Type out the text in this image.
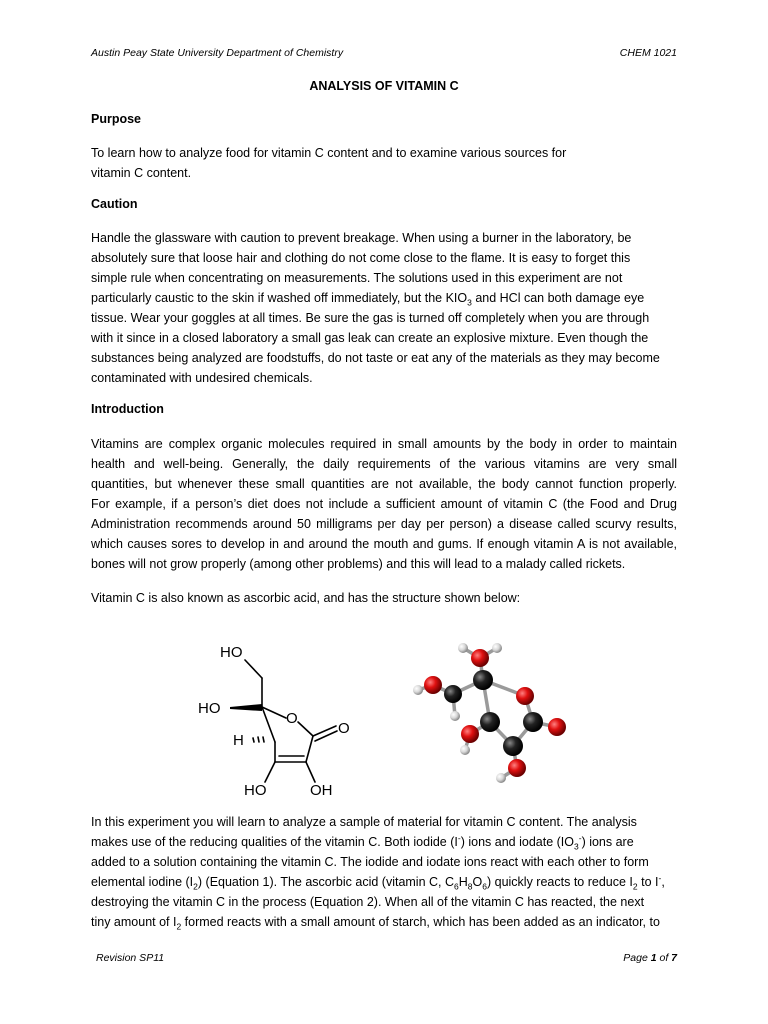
Austin Peay State University Department of Chemistry	CHEM 1021
ANALYSIS OF VITAMIN C
Purpose
To learn how to analyze food for vitamin C content and to examine various sources for
vitamin C content.
Caution
Handle the glassware with caution to prevent breakage. When using a burner in the laboratory, be
absolutely sure that loose hair and clothing do not come close to the flame. It is easy to forget this
simple rule when concentrating on measurements. The solutions used in this experiment are not
particularly caustic to the skin if washed off immediately, but the $KIO_3$ and HCl can both damage eye
tissue. Wear your goggles at all times. Be sure the gas is turned off completely when you are through
with it since in a closed laboratory a small gas leak can create an explosive mixture. Even though the
substances being analyzed are foodstuffs, do not taste or eat any of the materials as they may become
contaminated with undesired chemicals.
Introduction
Vitamins are complex organic molecules required in small amounts by the body in order to maintain
health and well-being. Generally, the daily requirements of the various vitamins are very small
quantities, but whenever these small quantities are not available, the body cannot function properly.
For example, if a person’s diet does not include a sufficient amount of vitamin C (the Food and Drug
Administration recommends around 50 milligrams per day per person) a disease called scurvy results,
which causes sores to develop in and around the mouth and gums. If enough vitamin A is not available,
bones will not grow properly (among other problems) and this will lead to a malady called rickets.
Vitamin C is also known as ascorbic acid, and has the structure shown below:
HO
HO
H
O
O
HO	OH
In this experiment you will learn to analyze a sample of material for vitamin C content. The analysis
makes use of the reducing qualities of the vitamin C. Both iodide (I-) ions and iodate $(IO_3^-)$ ions are
added to a solution containing the vitamin C. The iodide and iodate ions react with each other to form
elemental iodine $(I_2)$ (Equation 1). The ascorbic acid (vitamin C, $C_6H_8O_6$) quickly reacts to reduce $I_2$ to I-,
destroying the vitamin C in the process (Equation 2). When all of the vitamin C has reacted, the next
tiny amount of $I_2$ formed reacts with a small amount of starch, which has been added as an indicator, to
Revision SP11	Page 1 of 7
